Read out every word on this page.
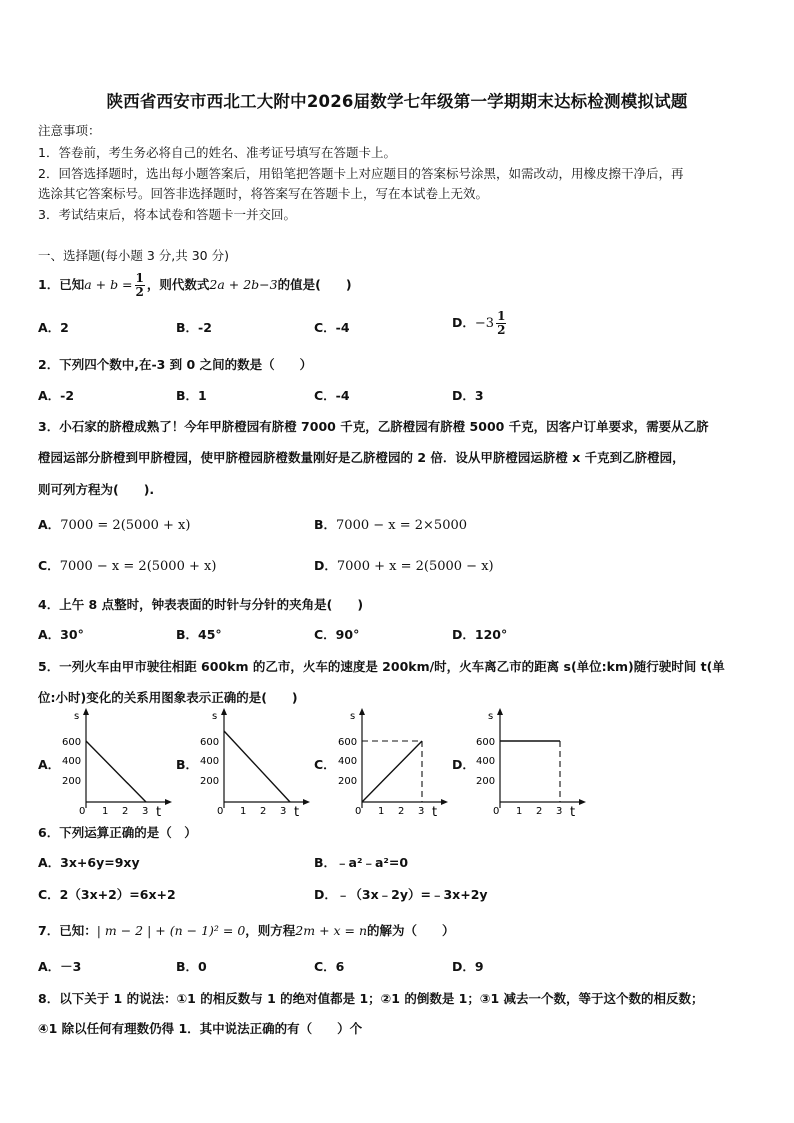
陕西省西安市西北工大附中2026届数学七年级第一学期期末达标检测模拟试题
注意事项：
1．答卷前，考生务必将自己的姓名、准考证号填写在答题卡上。
2．回答选择题时，选出每小题答案后，用铅笔把答题卡上对应题目的答案标号涂黑，如需改动，用橡皮擦干净后，再
选涂其它答案标号。回答非选择题时，将答案写在答题卡上，写在本试卷上无效。
3．考试结束后，将本试卷和答题卡一并交回。
一、选择题(每小题 3 分,共 30 分)
1．已知$a + b = \frac{1}{2}$ ，则代数式2a + 2b−3的值是(　　)
A．2	B．-2	C．-4	D．$-3 \frac{1}{2}$
2．下列四个数中,在-3 到 0 之间的数是（　　）
A．-2	B．1	C．-4	D．3
3．小石家的脐橙成熟了！今年甲脐橙园有脐橙 7000 千克，乙脐橙园有脐橙 5000 千克，因客户订单要求，需要从乙脐
橙园运部分脐橙到甲脐橙园，使甲脐橙园脐橙数量刚好是乙脐橙园的 2 倍．设从甲脐橙园运脐橙 x 千克到乙脐橙园，
则可列方程为(　　).
A．7000 = 2(5000 + x)	B．7000 − x = 2×5000
C．7000 − x = 2(5000 + x)	D．7000 + x = 2(5000 − x)
4．上午 8 点整时，钟表表面的时针与分针的夹角是(　　)
A．30°	B．45°	C．90°	D．120°
5．一列火车由甲市驶往相距 600km 的乙市，火车的速度是 200km/时，火车离乙市的距离 s(单位:km)随行驶时间 t(单
位:小时)变化的关系用图象表示正确的是(　　)
A．	B．	C．	D．
s
600
400
200
0 1 2 3 t
s
600
400
200
0 1 2 3 t
s
600
400
200
0 1 2 3 t
s
600
400
200
0 1 2 3 t
6．下列运算正确的是（　）
A．3x+6y=9xy	B．﹣a²﹣a²=0
C．2（3x+2）=6x+2	D．﹣（3x﹣2y）=﹣3x+2y
7．已知：| m − 2 | + (n − 1)² = 0，则方程2m + x = n的解为（　　）
A．－3	B．0	C．6	D．9
8．以下关于 1 的说法：①1 的相反数与 1 的绝对值都是 1；②1 的倒数是 1；③1 减去一个数，等于这个数的相反数；
④1 除以任何有理数仍得 1．其中说法正确的有（　　）个
